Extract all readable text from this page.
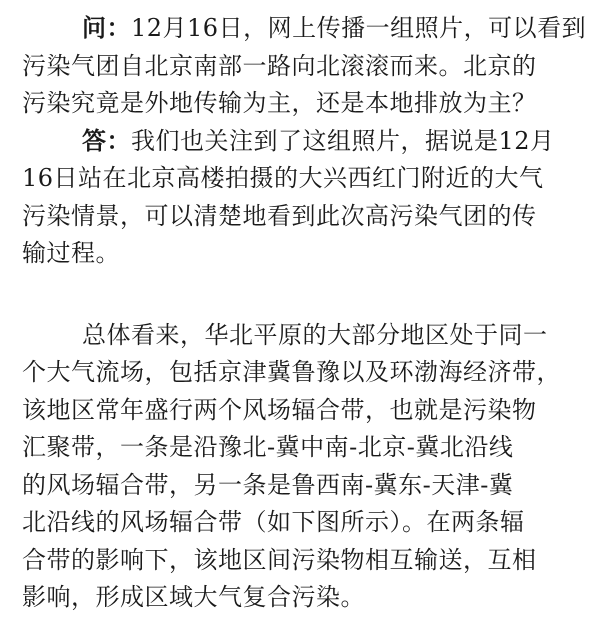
问：12月16日，网上传播一组照片，可以看到
污染气团自北京南部一路向北滚滚而来。北京的
污染究竟是外地传输为主，还是本地排放为主？

答：我们也关注到了这组照片，据说是12月
16日站在北京高楼拍摄的大兴西红门附近的大气
污染情景，可以清楚地看到此次高污染气团的传
输过程。

总体看来，华北平原的大部分地区处于同一
个大气流场，包括京津冀鲁豫以及环渤海经济带，
该地区常年盛行两个风场辐合带，也就是污染物
汇聚带，一条是沿豫北-冀中南-北京-冀北沿线
的风场辐合带，另一条是鲁西南-冀东-天津-冀
北沿线的风场辐合带（如下图所示）。在两条辐
合带的影响下，该地区间污染物相互输送，互相
影响，形成区域大气复合污染。
